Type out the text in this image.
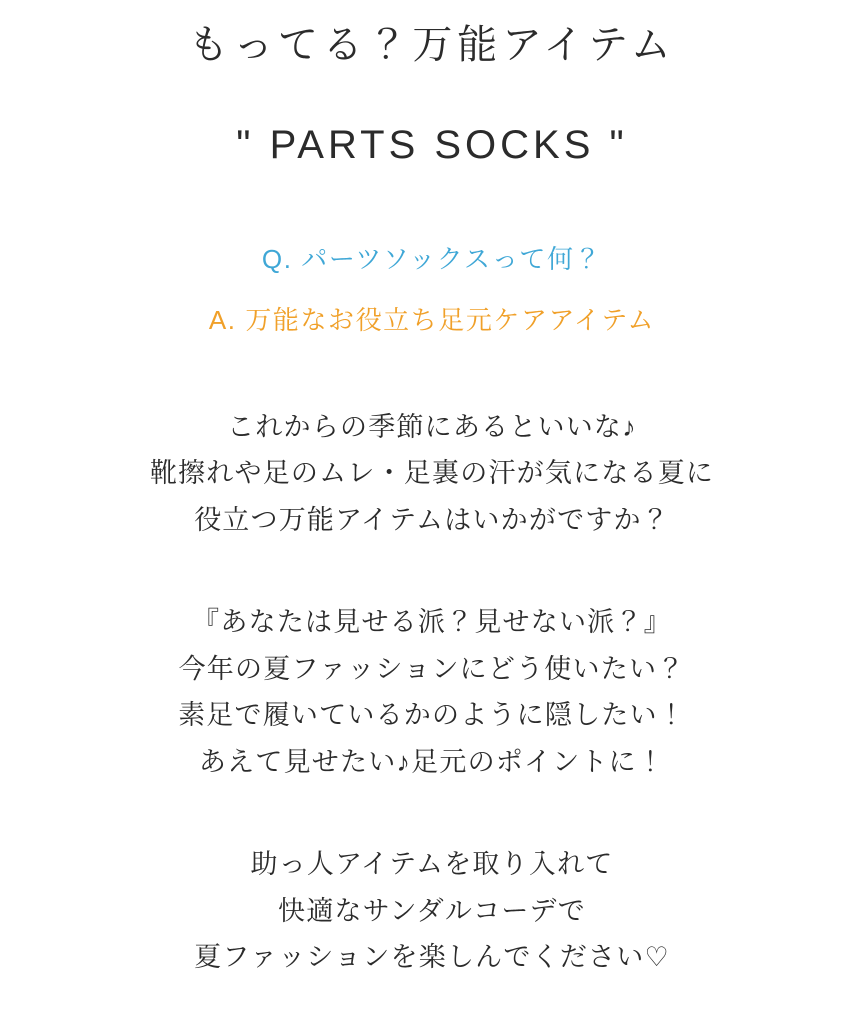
もってる？万能アイテム
" PARTS SOCKS "
Q. パーツソックスって何？
A. 万能なお役立ち足元ケアアイテム
これからの季節にあるといいな♪
靴擦れや足のムレ・足裏の汗が気になる夏に
役立つ万能アイテムはいかがですか？
『あなたは見せる派？見せない派？』
今年の夏ファッションにどう使いたい？
素足で履いているかのように隠したい！
あえて見せたい♪足元のポイントに！
助っ人アイテムを取り入れて
快適なサンダルコーデで
夏ファッションを楽しんでください♡
